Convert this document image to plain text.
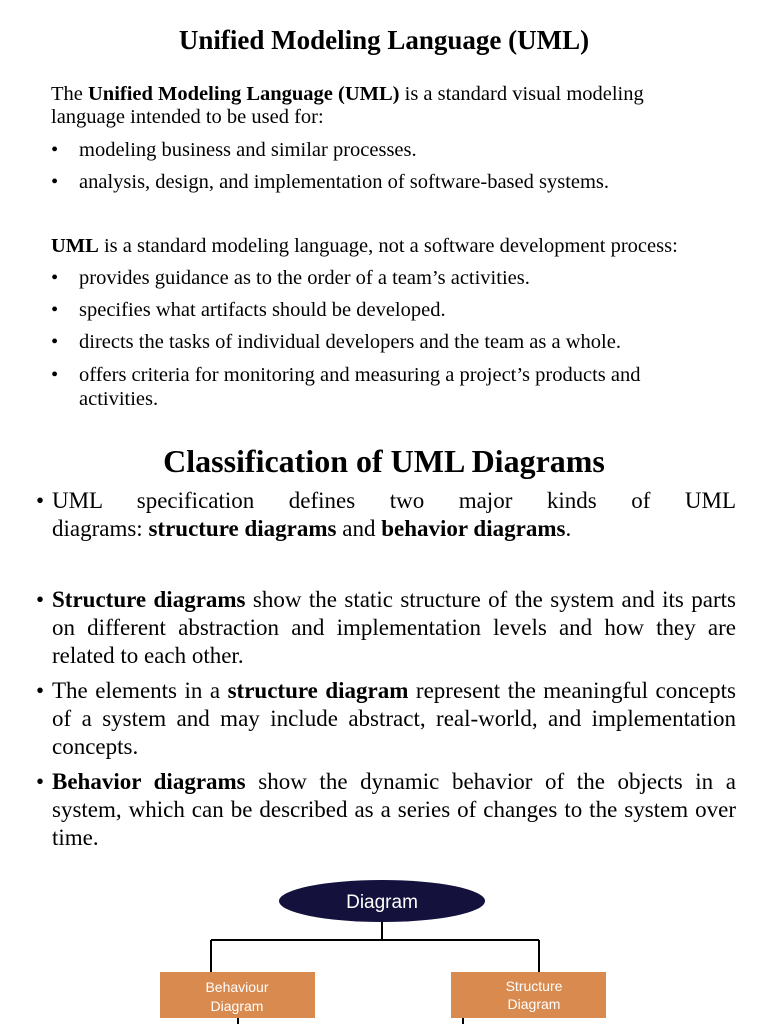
Unified Modeling Language (UML)

The Unified Modeling Language (UML) is a standard visual modeling

language intended to be used for:

• modeling business and similar processes.
• analysis, design, and implementation of software-based systems.

UML is a standard modeling language, not a software development process:

• provides guidance as to the order of a team’s activities.
• specifies what artifacts should be developed.
• directs the tasks of individual developers and the team as a whole.
• offers criteria for monitoring and measuring a project’s products and
activities.
Classification of UML Diagrams
• UML specification defines two major kinds of UML
diagrams: structure diagrams and behavior diagrams.
• Structure diagrams show the static structure of the system and its parts on different abstraction and implementation levels and how they are related to each other.
• The elements in a structure diagram represent the meaningful concepts of a system and may include abstract, real-world, and implementation concepts.
• Behavior diagrams show the dynamic behavior of the objects in a system, which can be described as a series of changes to the system over time.
Diagram
Behaviour
Diagram
Structure
Diagram
